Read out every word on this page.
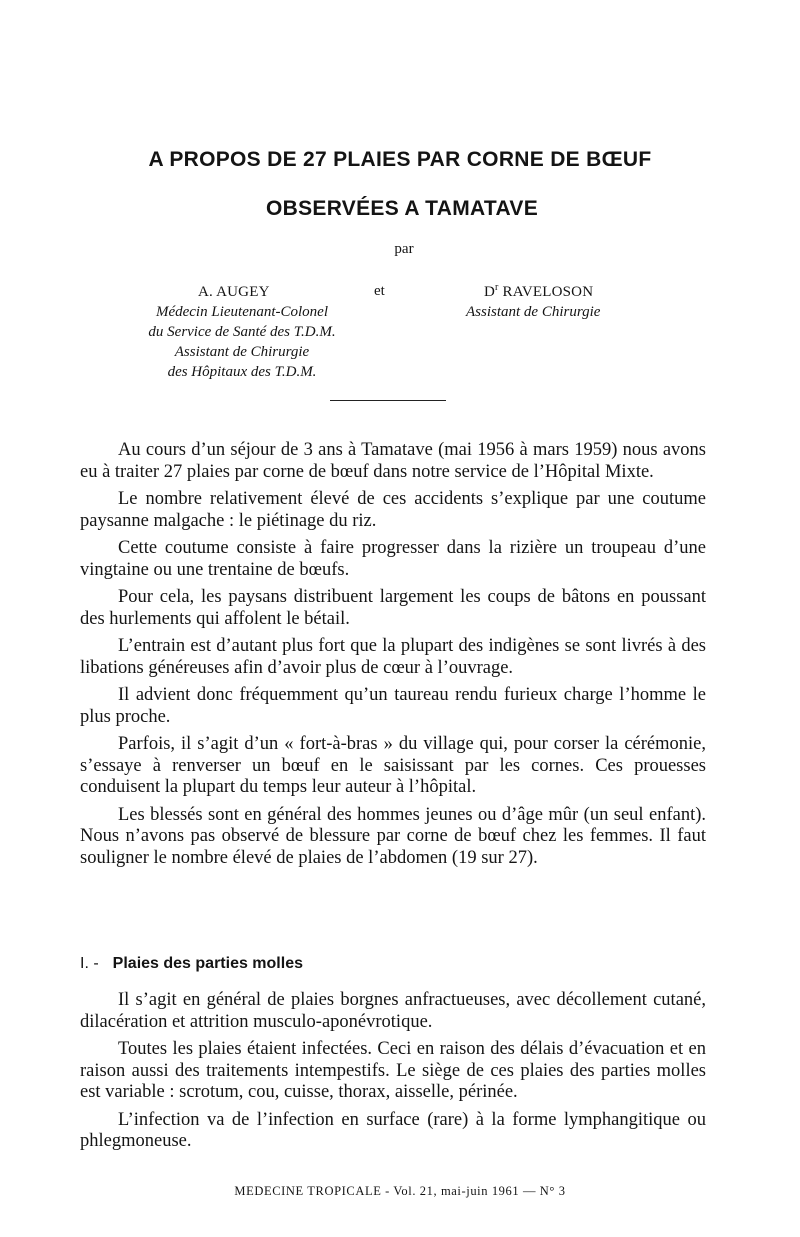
A PROPOS DE 27 PLAIES PAR CORNE DE BŒUF
OBSERVÉES A TAMATAVE
par
A. AUGEY
Médecin Lieutenant-Colonel
du Service de Santé des T.D.M.
Assistant de Chirurgie
des Hôpitaux des T.D.M.
et	$D^r$ RAVELOSON
Assistant de Chirurgie

Au cours d’un séjour de 3 ans à Tamatave (mai 1956 à mars 1959) nous avons eu à traiter 27 plaies par corne de bœuf dans notre service de l’Hôpital Mixte.

Le nombre relativement élevé de ces accidents s’explique par une coutume paysanne malgache : le piétinage du riz.

Cette coutume consiste à faire progresser dans la rizière un troupeau d’une vingtaine ou une trentaine de bœufs.

Pour cela, les paysans distribuent largement les coups de bâtons en poussant des hurlements qui affolent le bétail.

L’entrain est d’autant plus fort que la plupart des indigènes se sont livrés à des libations généreuses afin d’avoir plus de cœur à l’ouvrage.

Il advient donc fréquemment qu’un taureau rendu furieux charge l’homme le plus proche.

Parfois, il s’agit d’un « fort-à-bras » du village qui, pour corser la cérémonie, s’essaye à renverser un bœuf en le saisissant par les cornes. Ces prouesses conduisent la plupart du temps leur auteur à l’hôpital.

Les blessés sont en général des hommes jeunes ou d’âge mûr (un seul enfant). Nous n’avons pas observé de blessure par corne de bœuf chez les femmes. Il faut souligner le nombre élevé de plaies de l’abdomen (19 sur 27).

I. - Plaies des parties molles

Il s’agit en général de plaies borgnes anfractueuses, avec décollement cutané, dilacération et attrition musculo-aponévrotique.

Toutes les plaies étaient infectées. Ceci en raison des délais d’évacuation et en raison aussi des traitements intempestifs. Le siège de ces plaies des parties molles est variable : scrotum, cou, cuisse, thorax, aisselle, périnée.

L’infection va de l’infection en surface (rare) à la forme lymphangitique ou phlegmoneuse.

MEDECINE TROPICALE - Vol. 21, mai-juin 1961 — N° 3
